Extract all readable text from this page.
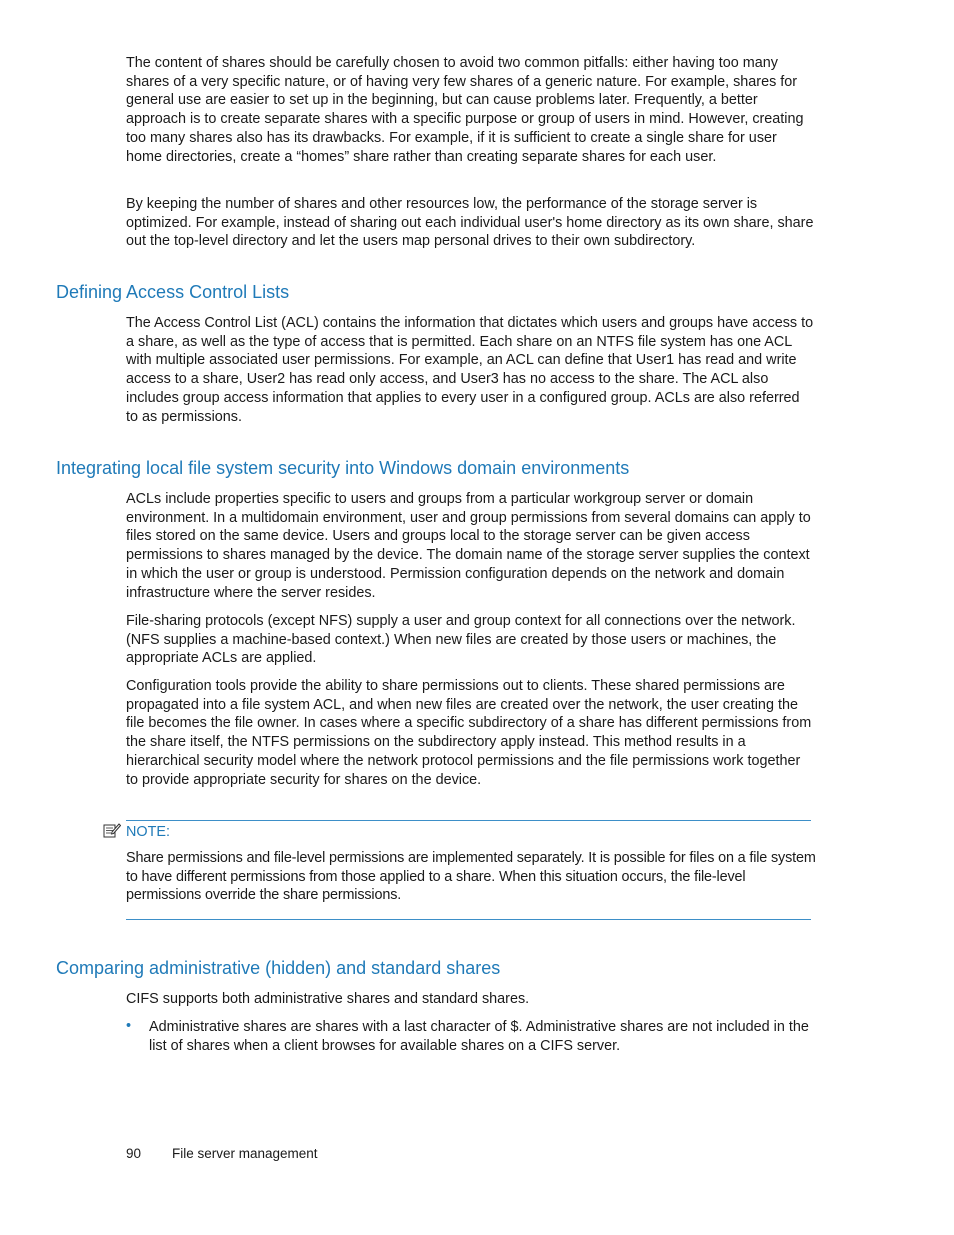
The content of shares should be carefully chosen to avoid two common pitfalls: either having too many shares of a very specific nature, or of having very few shares of a generic nature. For example, shares for general use are easier to set up in the beginning, but can cause problems later. Frequently, a better approach is to create separate shares with a specific purpose or group of users in mind. However, creating too many shares also has its drawbacks. For example, if it is sufficient to create a single share for user home directories, create a “homes” share rather than creating separate shares for each user.

By keeping the number of shares and other resources low, the performance of the storage server is optimized. For example, instead of sharing out each individual user's home directory as its own share, share out the top-level directory and let the users map personal drives to their own subdirectory.

Defining Access Control Lists

The Access Control List (ACL) contains the information that dictates which users and groups have access to a share, as well as the type of access that is permitted. Each share on an NTFS file system has one ACL with multiple associated user permissions. For example, an ACL can define that User1 has read and write access to a share, User2 has read only access, and User3 has no access to the share. The ACL also includes group access information that applies to every user in a configured group. ACLs are also referred to as permissions.

Integrating local file system security into Windows domain environments

ACLs include properties specific to users and groups from a particular workgroup server or domain environment. In a multidomain environment, user and group permissions from several domains can apply to files stored on the same device. Users and groups local to the storage server can be given access permissions to shares managed by the device. The domain name of the storage server supplies the context in which the user or group is understood. Permission configuration depends on the network and domain infrastructure where the server resides.

File-sharing protocols (except NFS) supply a user and group context for all connections over the network. (NFS supplies a machine-based context.) When new files are created by those users or machines, the appropriate ACLs are applied.

Configuration tools provide the ability to share permissions out to clients. These shared permissions are propagated into a file system ACL, and when new files are created over the network, the user creating the file becomes the file owner. In cases where a specific subdirectory of a share has different permissions from the share itself, the NTFS permissions on the subdirectory apply instead. This method results in a hierarchical security model where the network protocol permissions and the file permissions work together to provide appropriate security for shares on the device.

NOTE:

Share permissions and file-level permissions are implemented separately. It is possible for files on a file system to have different permissions from those applied to a share. When this situation occurs, the file-level permissions override the share permissions.

Comparing administrative (hidden) and standard shares

CIFS supports both administrative shares and standard shares.

• Administrative shares are shares with a last character of $. Administrative shares are not included in the list of shares when a client browses for available shares on a CIFS server.

90 File server management
